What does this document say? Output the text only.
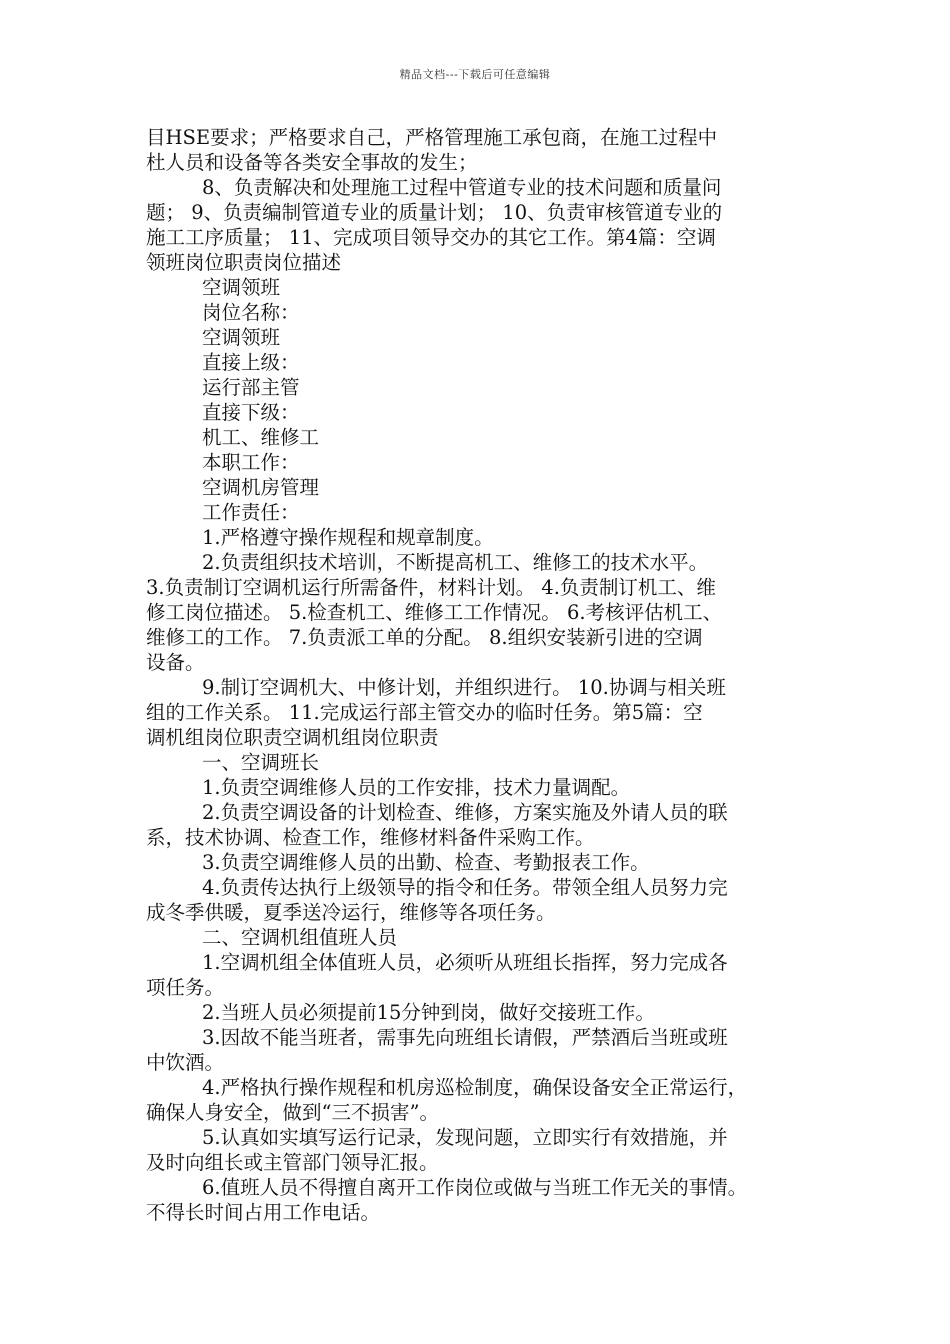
精品文档---下载后可任意编辑
目HSE要求；严格要求自己，严格管理施工承包商，在施工过程中
杜人员和设备等各类安全事故的发生；
8、负责解决和处理施工过程中管道专业的技术问题和质量问
题； 9、负责编制管道专业的质量计划； 10、负责审核管道专业的
施工工序质量； 11、完成项目领导交办的其它工作。第4篇：空调
领班岗位职责岗位描述
空调领班
岗位名称：
空调领班
直接上级：
运行部主管
直接下级：
机工、维修工
本职工作：
空调机房管理
工作责任：
1.严格遵守操作规程和规章制度。
2.负责组织技术培训，不断提高机工、维修工的技术水平。
3.负责制订空调机运行所需备件，材料计划。 4.负责制订机工、维
修工岗位描述。 5.检查机工、维修工工作情况。 6.考核评估机工、
维修工的工作。 7.负责派工单的分配。 8.组织安装新引进的空调
设备。
9.制订空调机大、中修计划，并组织进行。 10.协调与相关班
组的工作关系。 11.完成运行部主管交办的临时任务。第5篇：空
调机组岗位职责空调机组岗位职责
一、空调班长
1.负责空调维修人员的工作安排，技术力量调配。
2.负责空调设备的计划检查、维修，方案实施及外请人员的联
系，技术协调、检查工作，维修材料备件采购工作。
3.负责空调维修人员的出勤、检查、考勤报表工作。
4.负责传达执行上级领导的指令和任务。带领全组人员努力完
成冬季供暖，夏季送冷运行，维修等各项任务。
二、空调机组值班人员
1.空调机组全体值班人员，必须听从班组长指挥，努力完成各
项任务。
2.当班人员必须提前15分钟到岗，做好交接班工作。
3.因故不能当班者，需事先向班组长请假，严禁酒后当班或班
中饮酒。
4.严格执行操作规程和机房巡检制度，确保设备安全正常运行，
确保人身安全，做到“三不损害”。
5.认真如实填写运行记录，发现问题，立即实行有效措施，并
及时向组长或主管部门领导汇报。
6.值班人员不得擅自离开工作岗位或做与当班工作无关的事情。
不得长时间占用工作电话。
